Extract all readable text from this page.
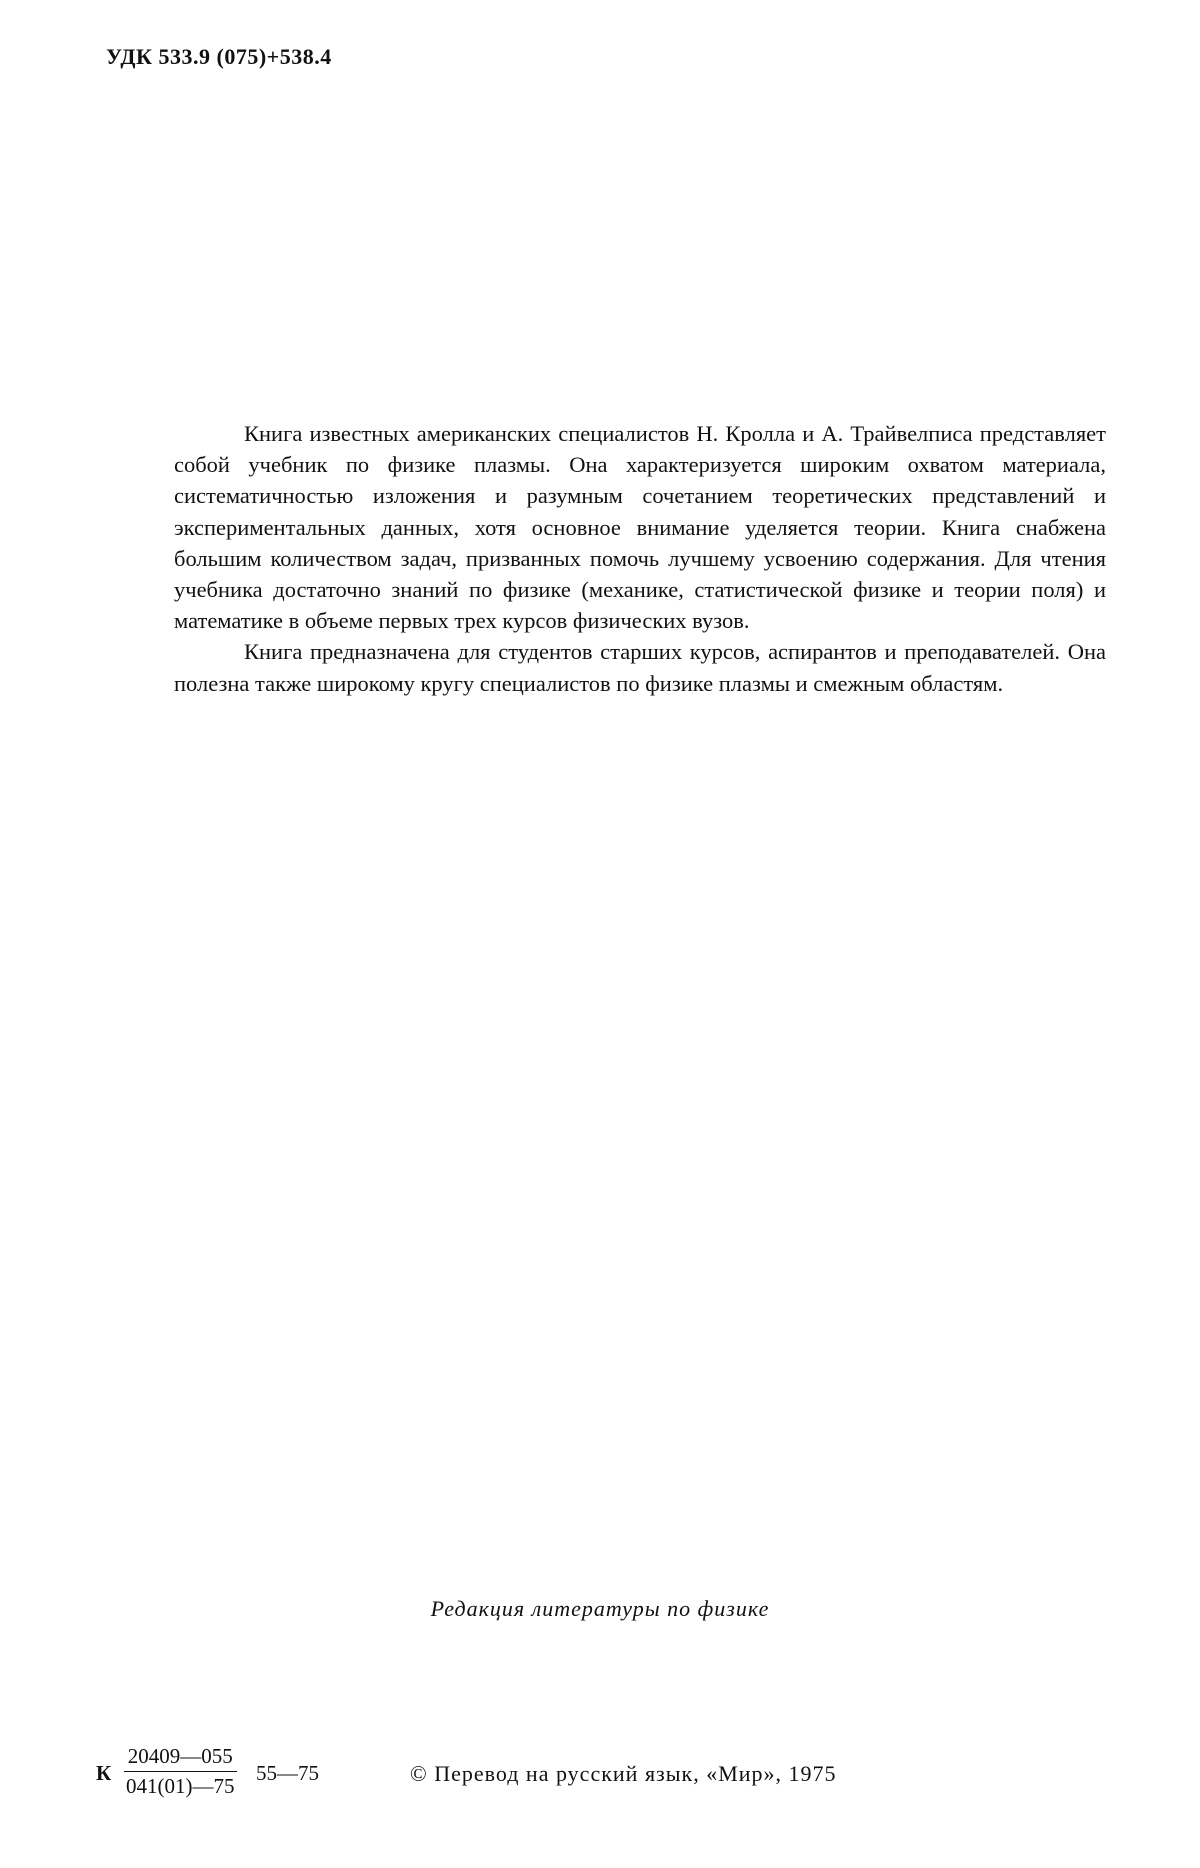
УДК 533.9 (075)+538.4

Книга известных американских специалистов Н. Кролла и А. Трайвелписа представляет собой учебник по физике плазмы. Она характеризуется широким охватом материала, систематичностью изложения и разумным сочетанием теоретических представлений и экспериментальных данных, хотя основное внимание уделяется теории. Книга снабжена большим количеством задач, призванных помочь лучшему усвоению содержания. Для чтения учебника достаточно знаний по физике (механике, статистической физике и теории поля) и математике в объеме первых трех курсов физических вузов.

Книга предназначена для студентов старших курсов, аспирантов и преподавателей. Она полезна также широкому кругу специалистов по физике плазмы и смежным областям.

Редакция литературы по физике
К $\frac{20409—055}{041(01)—75}$ 55—75	© Перевод на русский язык, «Мир», 1975
